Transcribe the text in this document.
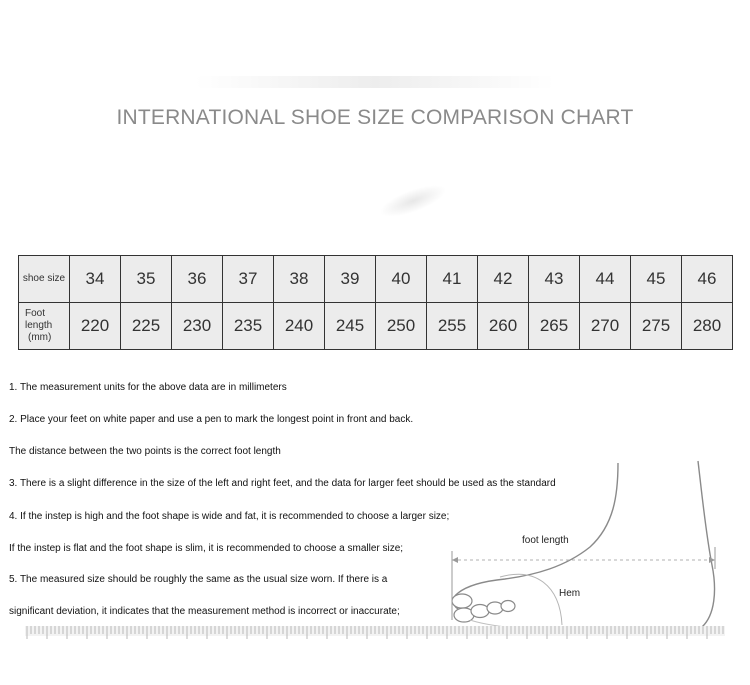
INTERNATIONAL SHOE SIZE COMPARISON CHART
shoe size	34	35	36	37	38	39	40	41	42	43	44	45	46

Foot
length
(mm)	220	225	230	235	240	245	250	255	260	265	270	275	280

1. The measurement units for the above data are in millimeters

2. Place your feet on white paper and use a pen to mark the longest point in front and back.

The distance between the two points is the correct foot length

3. There is a slight difference in the size of the left and right feet, and the data for larger feet should be used as the standard

4. If the instep is high and the foot shape is wide and fat, it is recommended to choose a larger size;

If the instep is flat and the foot shape is slim, it is recommended to choose a smaller size;

5. The measured size should be roughly the same as the usual size worn. If there is a

significant deviation, it indicates that the measurement method is incorrect or inaccurate;

foot length
Hem
